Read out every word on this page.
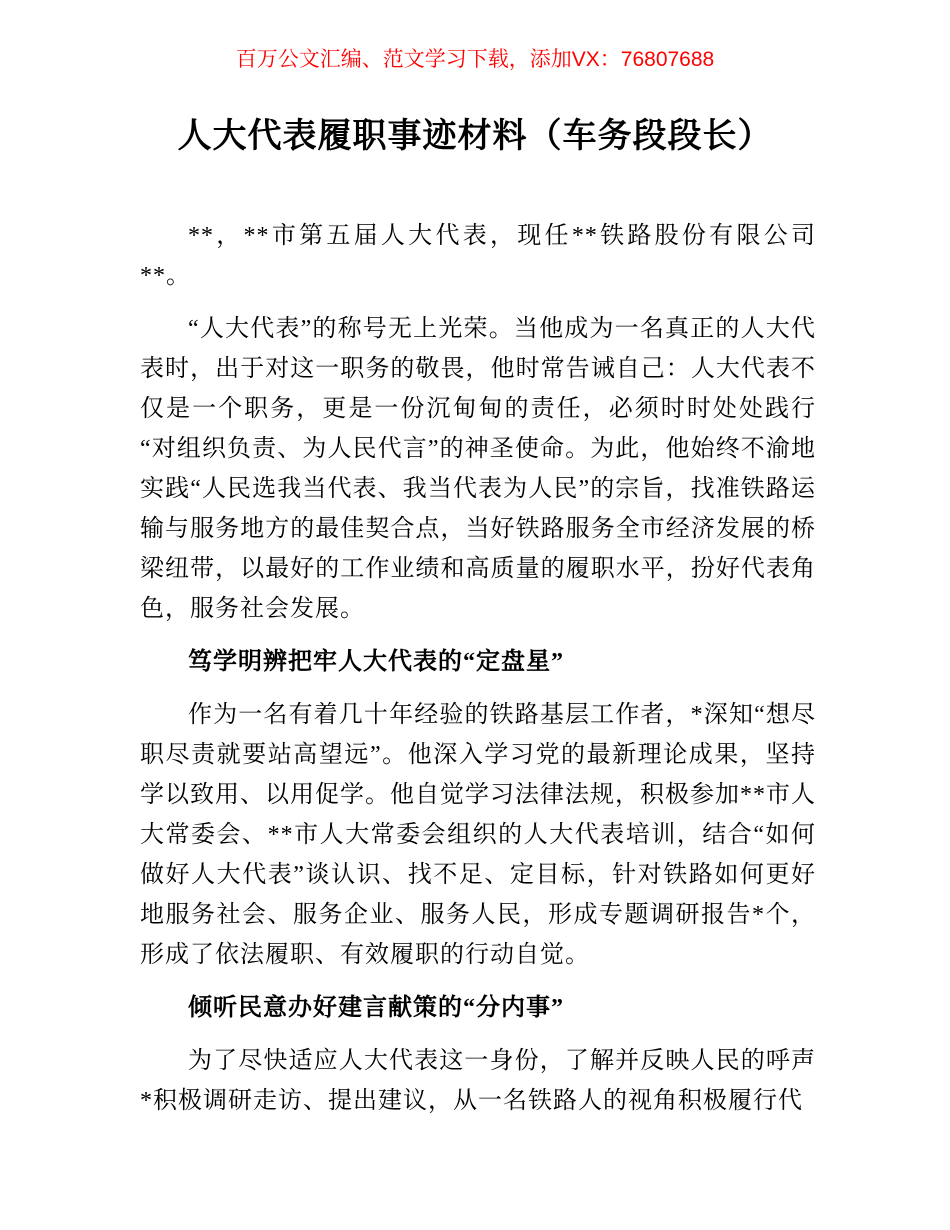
百万公文汇编、范文学习下载，添加VX：76807688
人大代表履职事迹材料（车务段段长）

**，**市第五届人大代表，现任**铁路股份有限公司**。

“人大代表”的称号无上光荣。当他成为一名真正的人大代表时，出于对这一职务的敬畏，他时常告诫自己：人大代表不仅是一个职务，更是一份沉甸甸的责任，必须时时处处践行“对组织负责、为人民代言”的神圣使命。为此，他始终不渝地实践“人民选我当代表、我当代表为人民”的宗旨，找准铁路运输与服务地方的最佳契合点，当好铁路服务全市经济发展的桥梁纽带，以最好的工作业绩和高质量的履职水平，扮好代表角色，服务社会发展。

笃学明辨把牢人大代表的“定盘星”

作为一名有着几十年经验的铁路基层工作者，*深知“想尽职尽责就要站高望远”。他深入学习党的最新理论成果，坚持学以致用、以用促学。他自觉学习法律法规，积极参加**市人大常委会、**市人大常委会组织的人大代表培训，结合“如何做好人大代表”谈认识、找不足、定目标，针对铁路如何更好地服务社会、服务企业、服务人民，形成专题调研报告*个，形成了依法履职、有效履职的行动自觉。

倾听民意办好建言献策的“分内事”

为了尽快适应人大代表这一身份，了解并反映人民的呼声*积极调研走访、提出建议，从一名铁路人的视角积极履行代
